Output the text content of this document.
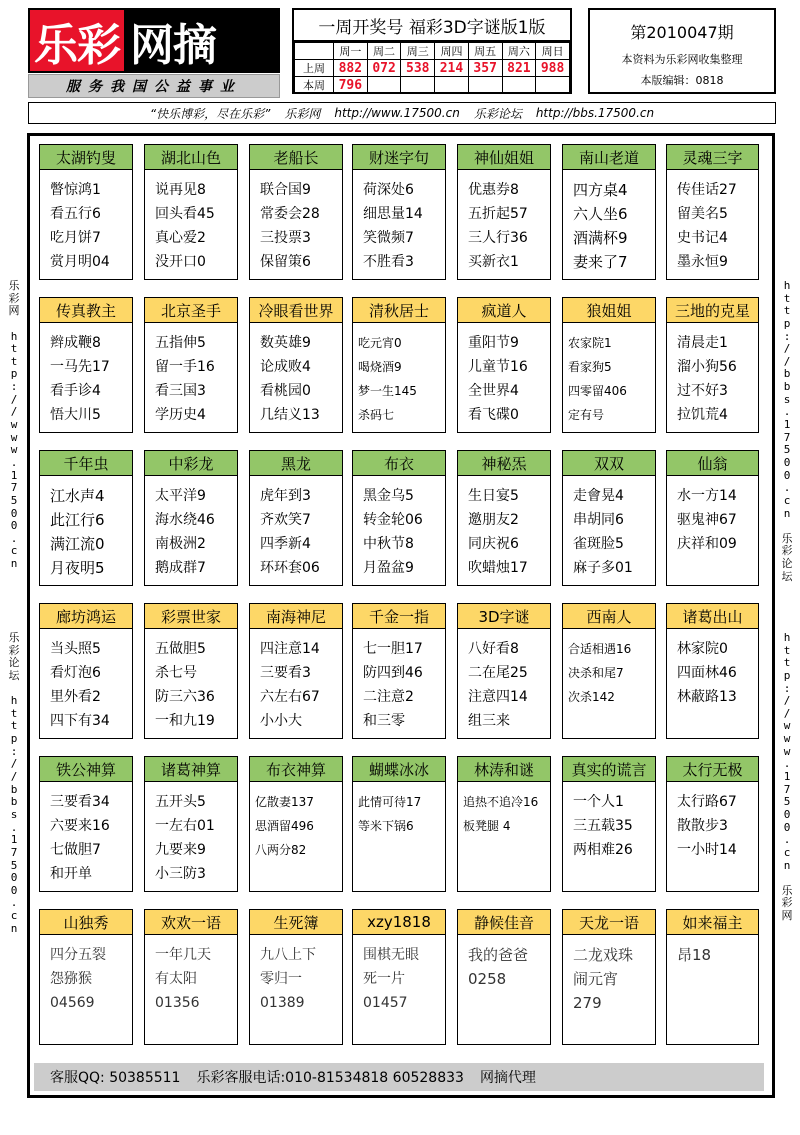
乐彩 网摘
服务我国公益事业
一周开奖号 福彩3D字谜版1版
	周一	周二	周三	周四	周五	周六	周日
上周	882	072	538	214	357	821	988
本周	796						
第2010047期
本资料为乐彩网收集整理
本版编辑：0818
“快乐博彩，尽在乐彩” 乐彩网 http://www.17500.cn 乐彩论坛 http://bbs.17500.cn
乐
彩
网

h
t
t
p
:
/
/
w
w
w
.
1
7
5
0
0
.
c
n
乐
彩
论
坛

h
t
t
p
:
/
/
b
b
s
.
1
7
5
0
0
.
c
n
h
t
t
p
:
/
/
b
b
s
.
1
7
5
0
0
.
c
n

乐
彩
论
坛
h
t
t
p
:
/
/
w
w
w
.
1
7
5
0
0
.
c
n

乐
彩
网
太湖钓叟
瞥惊鸿1
看五行6
吃月饼7
赏月明04
湖北山色
说再见8
回头看45
真心爱2
没开口0
老船长
联合国9
常委会28
三投票3
保留策6
财迷字句
荷深处6
细思量14
笑微频7
不胜看3
神仙姐姐
优惠券8
五折起57
三人行36
买新衣1
南山老道
四方桌4
六人坐6
酒满杯9
妻来了7
灵魂三字
传佳话27
留美名5
史书记4
墨永恒9
传真教主
辫成鞭8
一马先17
看手诊4
悟大川5
北京圣手
五指伸5
留一手16
看三国3
学历史4
冷眼看世界
数英雄9
论成败4
看桃园0
几结义13
清秋居士
吃元宵0
喝烧酒9
梦一生145
杀码七
疯道人
重阳节9
儿童节16
全世界4
看飞碟0
狼姐姐
农家院1
看家狗5
四零留406
定有号
三地的克星
清晨走1
溜小狗56
过不好3
拉饥荒4
千年虫
江水声4
此江行6
满江流0
月夜明5
中彩龙
太平洋9
海水绕46
南极洲2
鹅成群7
黑龙
虎年到3
齐欢笑7
四季新4
环环套06
布衣
黑金乌5
转金轮06
中秋节8
月盈盆9
神秘炁
生日宴5
邀朋友2
同庆祝6
吹蜡烛17
双双
走會晃4
串胡同6
雀斑脸5
麻子多01
仙翁
水一方14
驱鬼神67
庆祥和09
廊坊鸿运
当头照5
看灯泡6
里外看2
四下有34
彩票世家
五做胆5
杀七号
防三六36
一和九19
南海神尼
四注意14
三要看3
六左右67
小小大
千金一指
七一胆17
防四到46
二注意2
和三零
3D字谜
八好看8
二在尾25
注意四14
组三来
西南人
合适相遇16
决杀和尾7
次杀142
诸葛出山
林家院0
四面林46
林蔽路13
铁公神算
三要看34
六要来16
七做胆7
和开单
诸葛神算
五开头5
一左右01
九要来9
小三防3
布衣神算
亿散妻137
思酒留496
八两分82
蝴蝶冰冰
此情可待17
等米下锅6
林涛和谜
追热不追冷16
板凳腿 4
真实的谎言
一个人1
三五载35
两相难26
太行无极
太行路67
散散步3
一小时14
山独秀
四分五裂
怨猕猴
04569
欢欢一语
一年几天
有太阳
01356
生死簿
九八上下
零归一
01389
xzy1818
围棋无眼
死一片
01457
静候佳音
我的爸爸
0258
天龙一语
二龙戏珠
闹元宵
279
如来福主
昂18
客服QQ: 50385511 乐彩客服电话:010-81534818 60528833 网摘代理
